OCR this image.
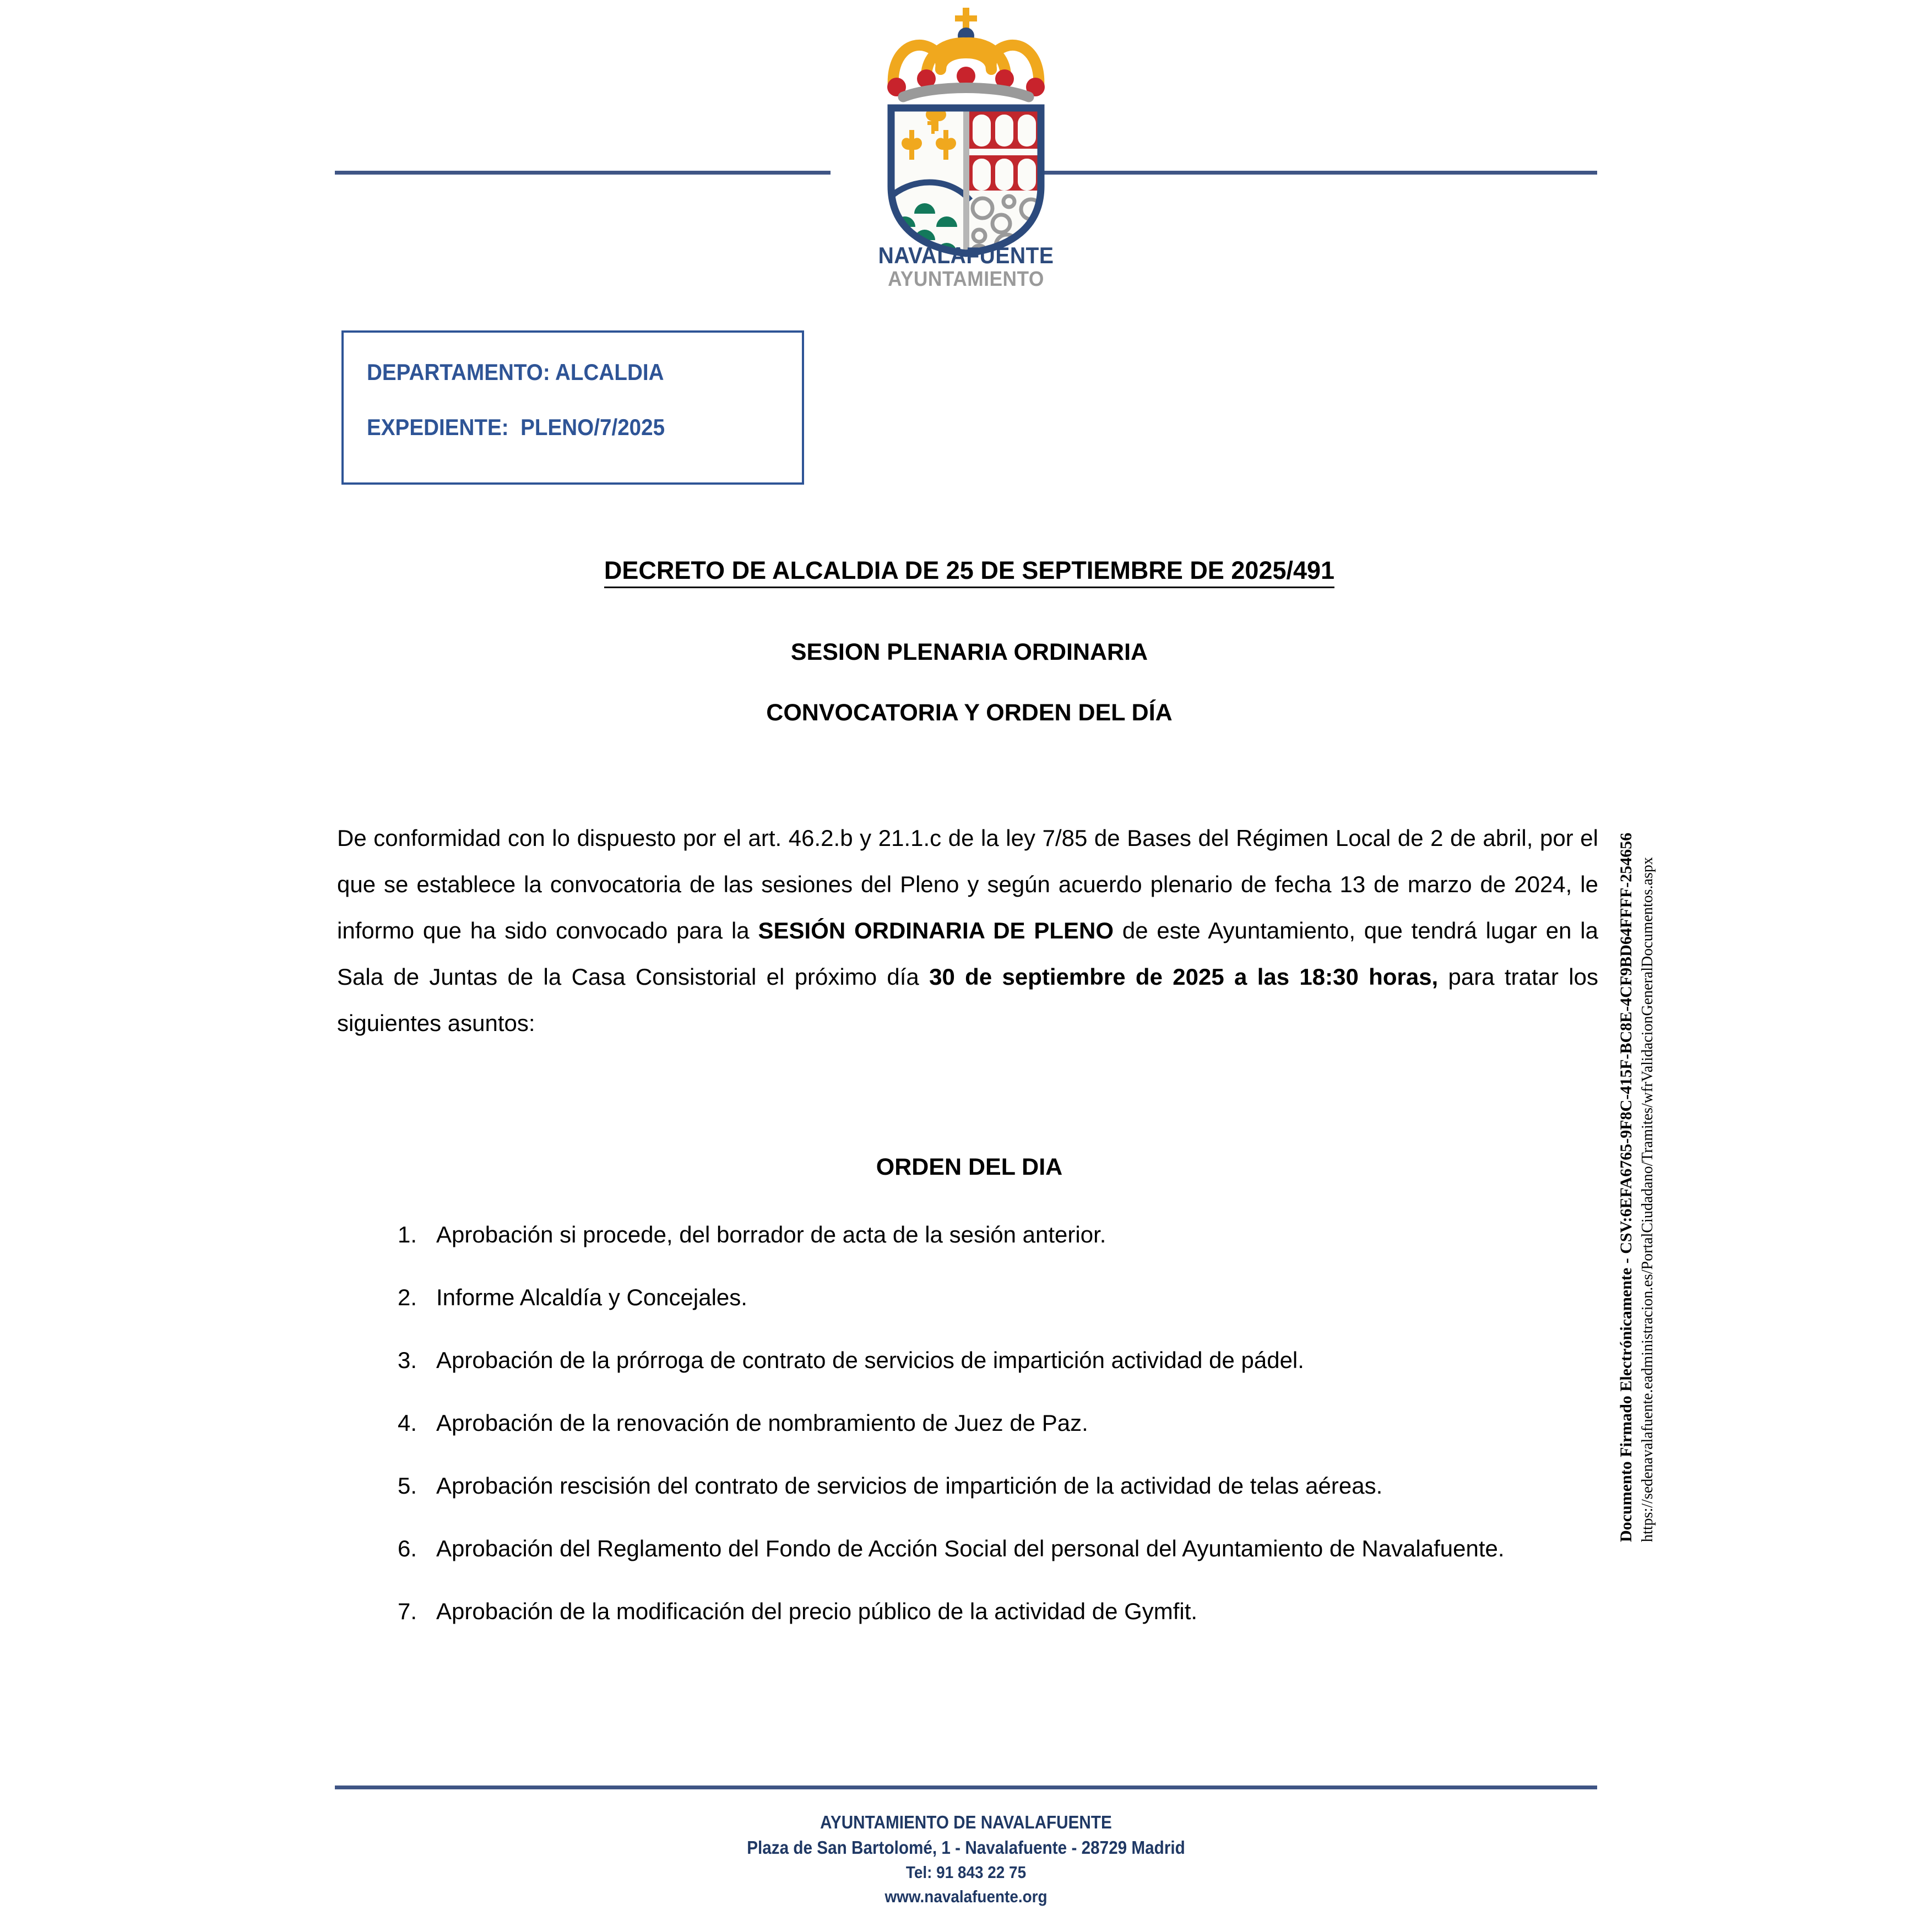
NAVALAFUENTE
AYUNTAMIENTO
DEPARTAMENTO: ALCALDIA
EXPEDIENTE:  PLENO/7/2025
DECRETO DE ALCALDIA DE 25 DE SEPTIEMBRE DE 2025/491
SESION PLENARIA ORDINARIA
CONVOCATORIA Y ORDEN DEL DÍA
De conformidad con lo dispuesto por el art. 46.2.b y 21.1.c de la ley 7/85 de Bases del Régimen Local de 2 de abril, por el que se establece la convocatoria de las sesiones del Pleno y según acuerdo plenario de fecha 13 de marzo de 2024, le informo que ha sido convocado para la SESIÓN ORDINARIA DE PLENO de este Ayuntamiento, que tendrá lugar en la Sala de Juntas de la Casa Consistorial el próximo día 30 de septiembre de 2025 a las 18:30 horas, para tratar los siguientes asuntos:
ORDEN DEL DIA
1. Aprobación si procede, del borrador de acta de la sesión anterior.
2. Informe Alcaldía y Concejales.
3. Aprobación de la prórroga de contrato de servicios de impartición actividad de pádel.
4. Aprobación de la renovación de nombramiento de Juez de Paz.
5. Aprobación rescisión del contrato de servicios de impartición de la actividad de telas aéreas.
6. Aprobación del Reglamento del Fondo de Acción Social del personal del Ayuntamiento de Navalafuente.
7. Aprobación de la modificación del precio público de la actividad de Gymfit.
AYUNTAMIENTO DE NAVALAFUENTE
Plaza de San Bartolomé, 1 - Navalafuente - 28729 Madrid
Tel: 91 843 22 75
www.navalafuente.org
Documento Firmado Electrónicamente - CSV:6EFA6765-9F8C-415F-BC8E-4CF9BD64FFFF-254656 https://sedenavalafuente.eadministracion.es/PortalCiudadano/Tramites/wfrValidacionGeneralDocumentos.aspx
